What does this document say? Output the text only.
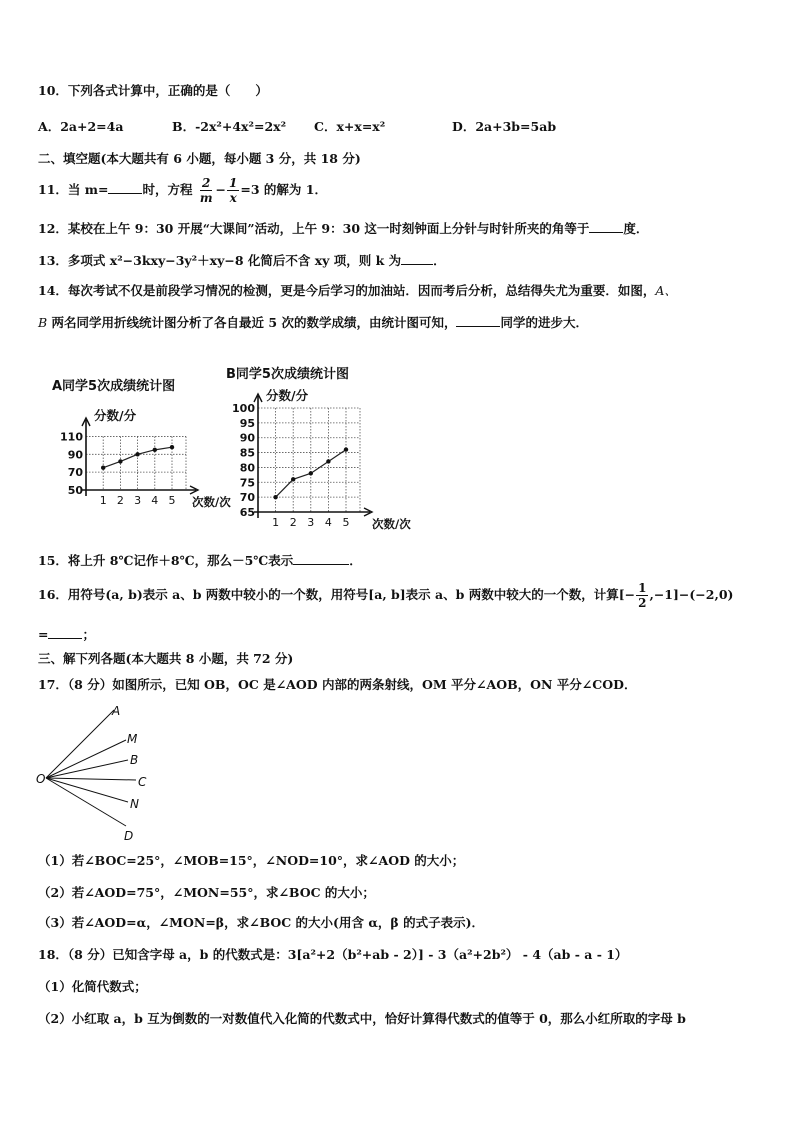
10．下列各式计算中，正确的是（　　）
A．2a+2=4a	B．-2x²+4x²=2x² C．x+x=x²	D．2a+3b=5ab
二、填空题(本大题共有 6 小题，每小题 3 分，共 18 分)
11．当 m=	时，方程 $\frac{2}{m} - \frac{1}{x} =3$ 的解为 1．
12．某校在上午 9：30 开展“大课间”活动，上午 9：30 这一时刻钟面上分针与时针所夹的角等于	度．
13．多项式 x²−3kxy−3y²＋xy−8 化简后不含 xy 项，则 k 为	．
14．每次考试不仅是前段学习情况的检测，更是今后学习的加油站．因而考后分析，总结得失尤为重要．如图，A、
B 两名同学用折线统计图分析了各自最近 5 次的数学成绩，由统计图可知，	同学的进步大．
A同学5次成绩统计图
分数/分
50
70
90
110
1 2 3 4 5 次数/次
B同学5次成绩统计图
分数/分
65
70
75
80
85
90
95
100
1 2 3 4 5 次数/次
15．将上升 8℃记作＋8℃，那么－5℃表示	．
16．用符号(a, b)表示 a、b 两数中较小的一个数，用符号[a, b]表示 a、b 两数中较大的一个数，计算[− $\frac{1}{2} ,-1]-(-2,0)$
=	；
三、解下列各题(本大题共 8 小题，共 72 分)
17．（8 分）如图所示，已知 OB，OC 是∠AOD 内部的两条射线，OM 平分∠AOB，ON 平分∠COD．
A
M
B
C
N
D
O
（1）若∠BOC=25°，∠MOB=15°，∠NOD=10°，求∠AOD 的大小；
（2）若∠AOD=75°，∠MON=55°，求∠BOC 的大小；
（3）若∠AOD=α，∠MON=β，求∠BOC 的大小(用含 α，β 的式子表示)．
18．（8 分）已知含字母 a，b 的代数式是：3[a²+2（b²+ab - 2）] - 3（a²+2b²） - 4（ab - a - 1）
（1）化简代数式；
（2）小红取 a，b 互为倒数的一对数值代入化简的代数式中，恰好计算得代数式的值等于 0，那么小红所取的字母 b
